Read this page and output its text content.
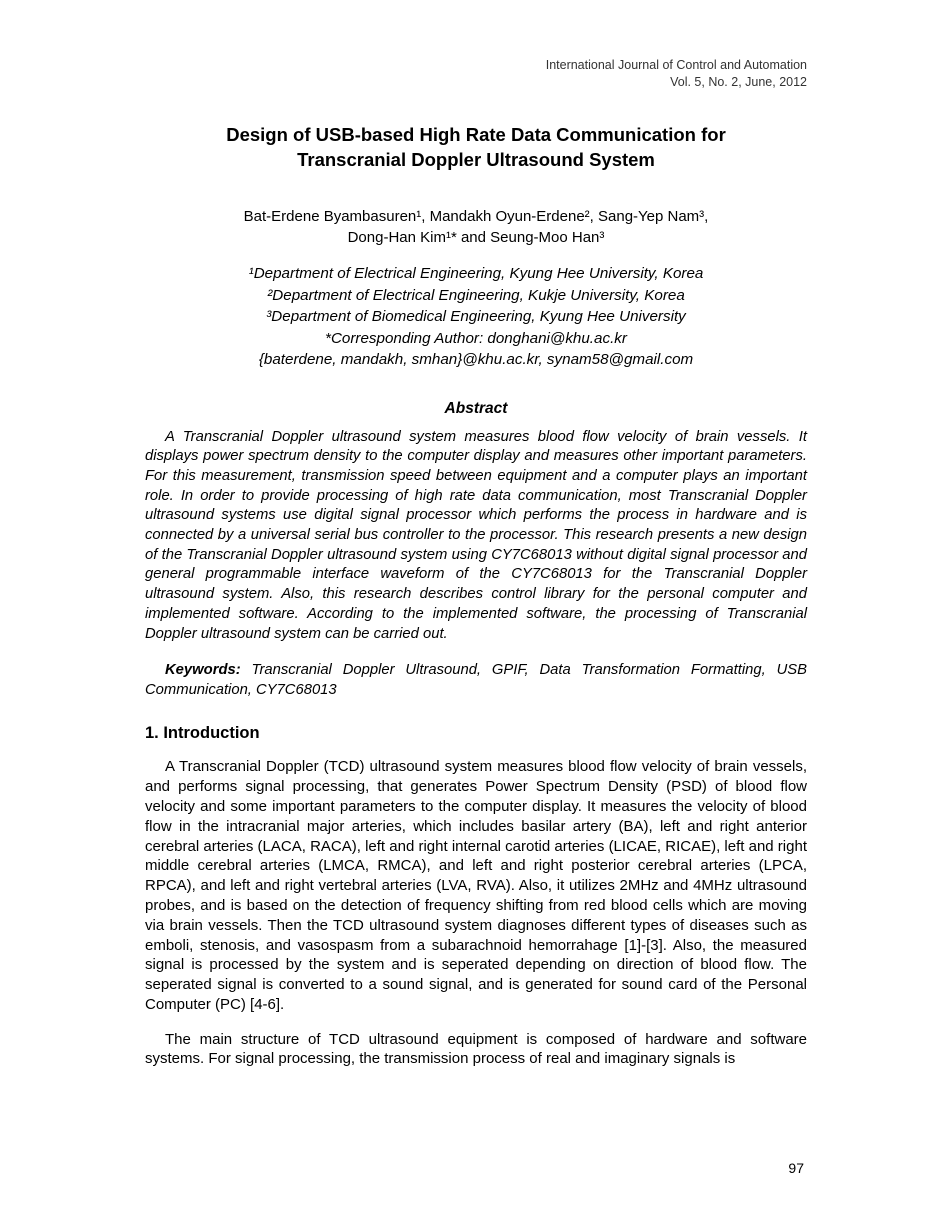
International Journal of Control and Automation
Vol. 5, No. 2, June, 2012
Design of USB-based High Rate Data Communication for
Transcranial Doppler Ultrasound System
Bat-Erdene Byambasuren¹, Mandakh Oyun-Erdene², Sang-Yep Nam³,
Dong-Han Kim¹* and Seung-Moo Han³
¹Department of Electrical Engineering, Kyung Hee University, Korea
²Department of Electrical Engineering, Kukje University, Korea
³Department of Biomedical Engineering, Kyung Hee University
*Corresponding Author: donghani@khu.ac.kr
{baterdene, mandakh, smhan}@khu.ac.kr, synam58@gmail.com
Abstract

A Transcranial Doppler ultrasound system measures blood flow velocity of brain vessels. It displays power spectrum density to the computer display and measures other important parameters. For this measurement, transmission speed between equipment and a computer plays an important role. In order to provide processing of high rate data communication, most Transcranial Doppler ultrasound systems use digital signal processor which performs the process in hardware and is connected by a universal serial bus controller to the processor. This research presents a new design of the Transcranial Doppler ultrasound system using CY7C68013 without digital signal processor and general programmable interface waveform of the CY7C68013 for the Transcranial Doppler ultrasound system. Also, this research describes control library for the personal computer and implemented software. According to the implemented software, the processing of Transcranial Doppler ultrasound system can be carried out.

Keywords: Transcranial Doppler Ultrasound, GPIF, Data Transformation Formatting, USB Communication, CY7C68013

1. Introduction

A Transcranial Doppler (TCD) ultrasound system measures blood flow velocity of brain vessels, and performs signal processing, that generates Power Spectrum Density (PSD) of blood flow velocity and some important parameters to the computer display. It measures the velocity of blood flow in the intracranial major arteries, which includes basilar artery (BA), left and right anterior cerebral arteries (LACA, RACA), left and right internal carotid arteries (LICAE, RICAE), left and right middle cerebral arteries (LMCA, RMCA), and left and right posterior cerebral arteries (LPCA, RPCA), and left and right vertebral arteries (LVA, RVA). Also, it utilizes 2MHz and 4MHz ultrasound probes, and is based on the detection of frequency shifting from red blood cells which are moving via brain vessels. Then the TCD ultrasound system diagnoses different types of diseases such as emboli, stenosis, and vasospasm from a subarachnoid hemorrahage [1]-[3]. Also, the measured signal is processed by the system and is seperated depending on direction of blood flow. The seperated signal is converted to a sound signal, and is generated for sound card of the Personal Computer (PC) [4-6].

The main structure of TCD ultrasound equipment is composed of hardware and software systems. For signal processing, the transmission process of real and imaginary signals is

97
